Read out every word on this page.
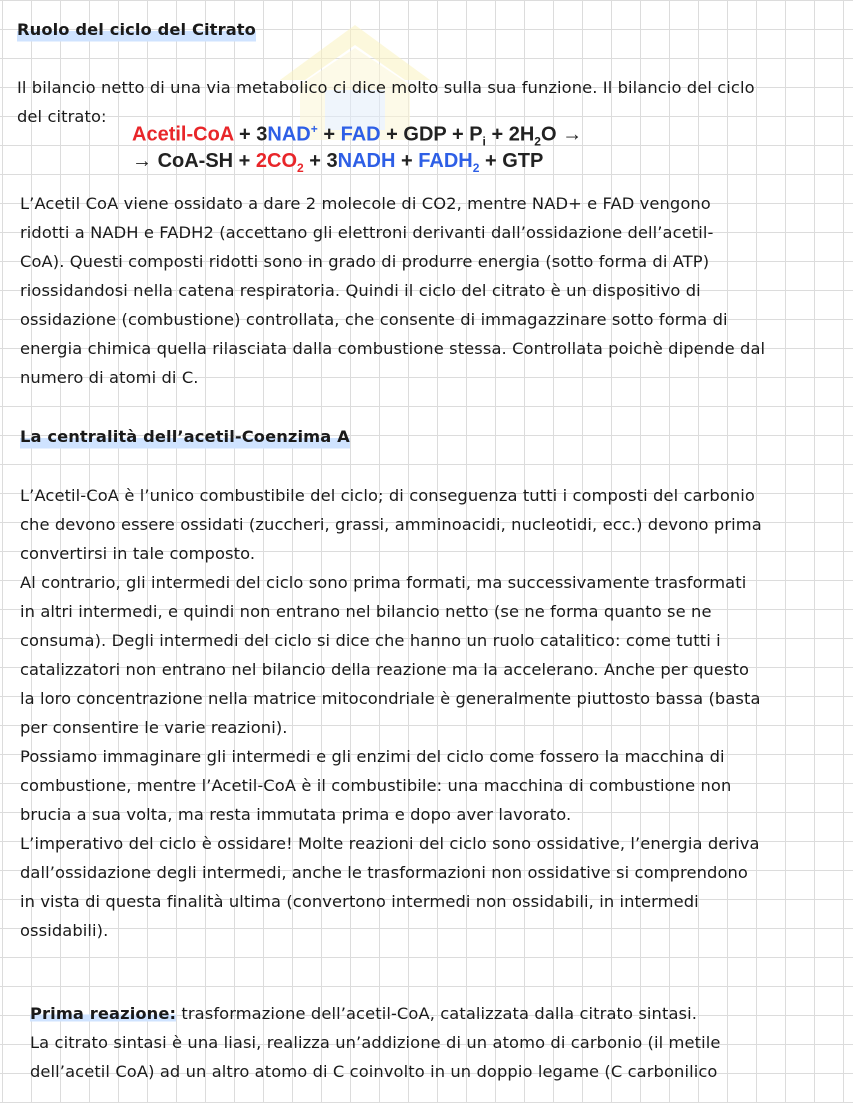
Ruolo del ciclo del Citrato
Il bilancio netto di una via metabolico ci dice molto sulla sua funzione. Il bilancio del ciclo
del citrato:
Acetil-CoA + 3NAD+ + FAD + GDP + $P_i + 2H_2O$ →
→ $CoA-SH + 2CO_2$ + 3NADH + $FADH_2$ + GTP
L’Acetil CoA viene ossidato a dare 2 molecole di CO2, mentre NAD+ e FAD vengono
ridotti a NADH e FADH2 (accettano gli elettroni derivanti dall’ossidazione dell’acetil-
CoA). Questi composti ridotti sono in grado di produrre energia (sotto forma di ATP)
riossidandosi nella catena respiratoria. Quindi il ciclo del citrato è un dispositivo di
ossidazione (combustione) controllata, che consente di immagazzinare sotto forma di
energia chimica quella rilasciata dalla combustione stessa. Controllata poichè dipende dal
numero di atomi di C.
La centralità dell’acetil-Coenzima A
L’Acetil-CoA è l’unico combustibile del ciclo; di conseguenza tutti i composti del carbonio
che devono essere ossidati (zuccheri, grassi, amminoacidi, nucleotidi, ecc.) devono prima
convertirsi in tale composto.
Al contrario, gli intermedi del ciclo sono prima formati, ma successivamente trasformati
in altri intermedi, e quindi non entrano nel bilancio netto (se ne forma quanto se ne
consuma). Degli intermedi del ciclo si dice che hanno un ruolo catalitico: come tutti i
catalizzatori non entrano nel bilancio della reazione ma la accelerano. Anche per questo
la loro concentrazione nella matrice mitocondriale è generalmente piuttosto bassa (basta
per consentire le varie reazioni).
Possiamo immaginare gli intermedi e gli enzimi del ciclo come fossero la macchina di
combustione, mentre l’Acetil-CoA è il combustibile: una macchina di combustione non
brucia a sua volta, ma resta immutata prima e dopo aver lavorato.
L’imperativo del ciclo è ossidare! Molte reazioni del ciclo sono ossidative, l’energia deriva
dall’ossidazione degli intermedi, anche le trasformazioni non ossidative si comprendono
in vista di questa finalità ultima (convertono intermedi non ossidabili, in intermedi
ossidabili).
Prima reazione: trasformazione dell’acetil-CoA, catalizzata dalla citrato sintasi.
La citrato sintasi è una liasi, realizza un’addizione di un atomo di carbonio (il metile
dell’acetil CoA) ad un altro atomo di C coinvolto in un doppio legame (C carbonilico
